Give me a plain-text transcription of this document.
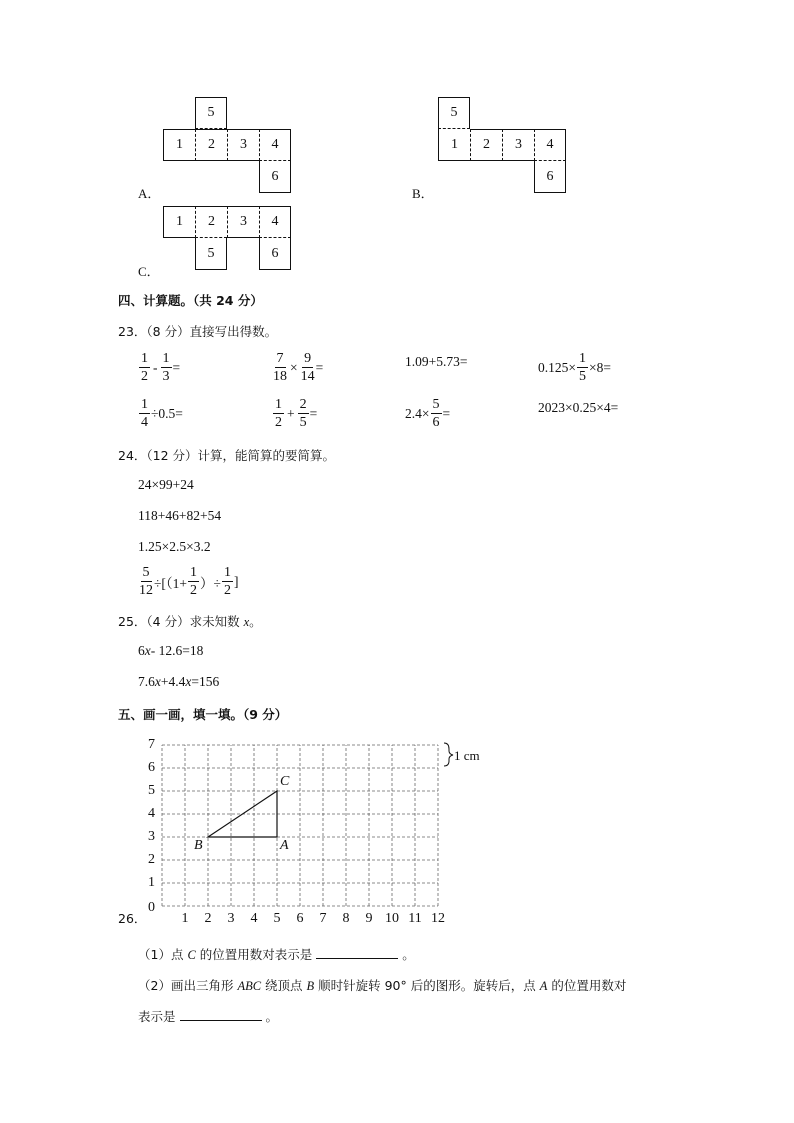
5
1	2	3	4
6
A．
5
1	2	3	4
6
B．
1	2	3	4
5	6
C．
四、计算题。（共 24 分）
23．（8 分）直接写出得数。
$\frac{1}{2} - \frac{1}{3}$ =	$\frac{7}{18} \times \frac{9}{14}$ =	1.09+5.73=	$0.125\times \frac{1}{5} \times 8=$
$\frac{1}{4} \div 0.5=$	$\frac{1}{2} + \frac{2}{5}$ =	$2.4\times \frac{5}{6}$ =	2023×0.25×4=
24．（12 分）计算，能简算的要简算。
24×99+24
118+46+82+54
1.25×2.5×3.2
$\frac{5}{12} \div[(1+ \frac{1}{2}$ ）÷ $\frac{1}{2}$ ]
25．（4 分）求未知数 x。
6 x - 12.6=18
7.6 x +4.4 x =156
五、画一画，填一填。（9 分）
0
1
2
3
4
5
6
7
1 2 3 4 5 6 7 8 9 10 11 12
1 cm
B	A
C
26．
（1）点 C 的位置用数对表示是	。
（2）画出三角形 ABC 绕顶点 B 顺时针旋转 90° 后的图形。旋转后，点 A 的位置用数对
表示是	。
